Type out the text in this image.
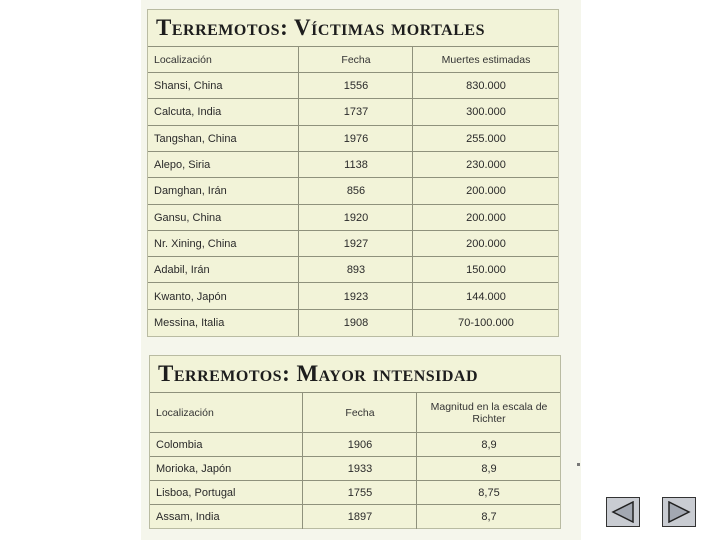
Terremotos: Víctimas mortales
Localización	Fecha	Muertes estimadas
Shansi, China	1556	830.000
Calcuta, India	1737	300.000
Tangshan, China	1976	255.000
Alepo, Siria	1138	230.000
Damghan, Irán	856	200.000
Gansu, China	1920	200.000
Nr. Xining, China	1927	200.000
Adabil, Irán	893	150.000
Kwanto, Japón	1923	144.000
Messina, Italia	1908	70-100.000
Terremotos: Mayor intensidad
Localización	Fecha	Magnitud en la escala de Richter
Colombia	1906	8,9
Morioka, Japón	1933	8,9
Lisboa, Portugal	1755	8,75
Assam, India	1897	8,7
